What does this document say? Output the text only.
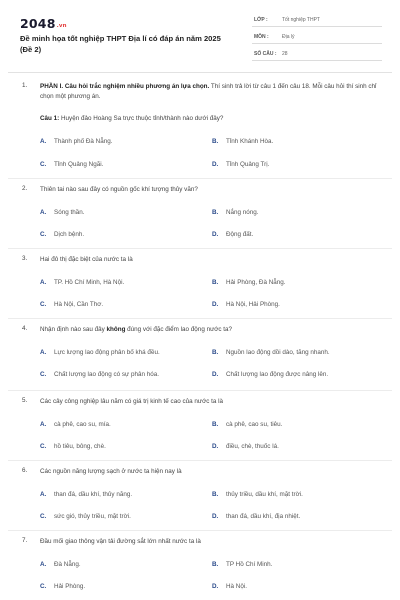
2048.vn
Đề minh họa tốt nghiệp THPT Địa lí có đáp án năm 2025 (Đề 2)
LỚP :	Tốt nghiệp THPT
MÔN :	Địa lý
SỐ CÂU : 28
1. PHẦN I. Câu hỏi trắc nghiệm nhiều phương án lựa chọn. Thí sinh trả lời từ câu 1 đến câu 18. Mỗi câu hỏi thí sinh chỉ chọn một phương án.
Câu 1: Huyện đảo Hoàng Sa trực thuộc tỉnh/thành nào dưới đây?
A. Thành phố Đà Nẵng.	B. Tỉnh Khánh Hòa.
C. Tỉnh Quảng Ngãi.	D. Tỉnh Quảng Trị.
2. Thiên tai nào sau đây có nguồn gốc khí tượng thủy văn?
A. Sóng thần.	B. Nắng nóng.
C. Dịch bệnh.	D. Động đất.
3. Hai đô thị đặc biệt của nước ta là
A. TP. Hồ Chí Minh, Hà Nội.	B. Hải Phòng, Đà Nẵng.
C. Hà Nội, Cần Thơ.	D. Hà Nội, Hải Phòng.
4. Nhận định nào sau đây không đúng với đặc điểm lao động nước ta?
A. Lực lượng lao động phân bố khá đều.	B. Nguồn lao động dồi dào, tăng nhanh.
C. Chất lượng lao động có sự phân hóa.	D. Chất lượng lao động được nâng lên.
5. Các cây công nghiệp lâu năm có giá trị kinh tế cao của nước ta là
A. cà phê, cao su, mía.	B. cà phê, cao su, tiêu.
C. hồ tiêu, bông, chè.	D. điều, chè, thuốc lá.
6. Các nguồn năng lượng sạch ở nước ta hiện nay là
A. than đá, dầu khí, thủy năng.	B. thủy triều, dầu khí, mặt trời.
C. sức gió, thủy triều, mặt trời.	D. than đá, dầu khí, địa nhiệt.
7. Đầu mối giao thông vận tải đường sắt lớn nhất nước ta là
A. Đà Nẵng.	B. TP Hồ Chí Minh.
C. Hải Phòng.	D. Hà Nội.
